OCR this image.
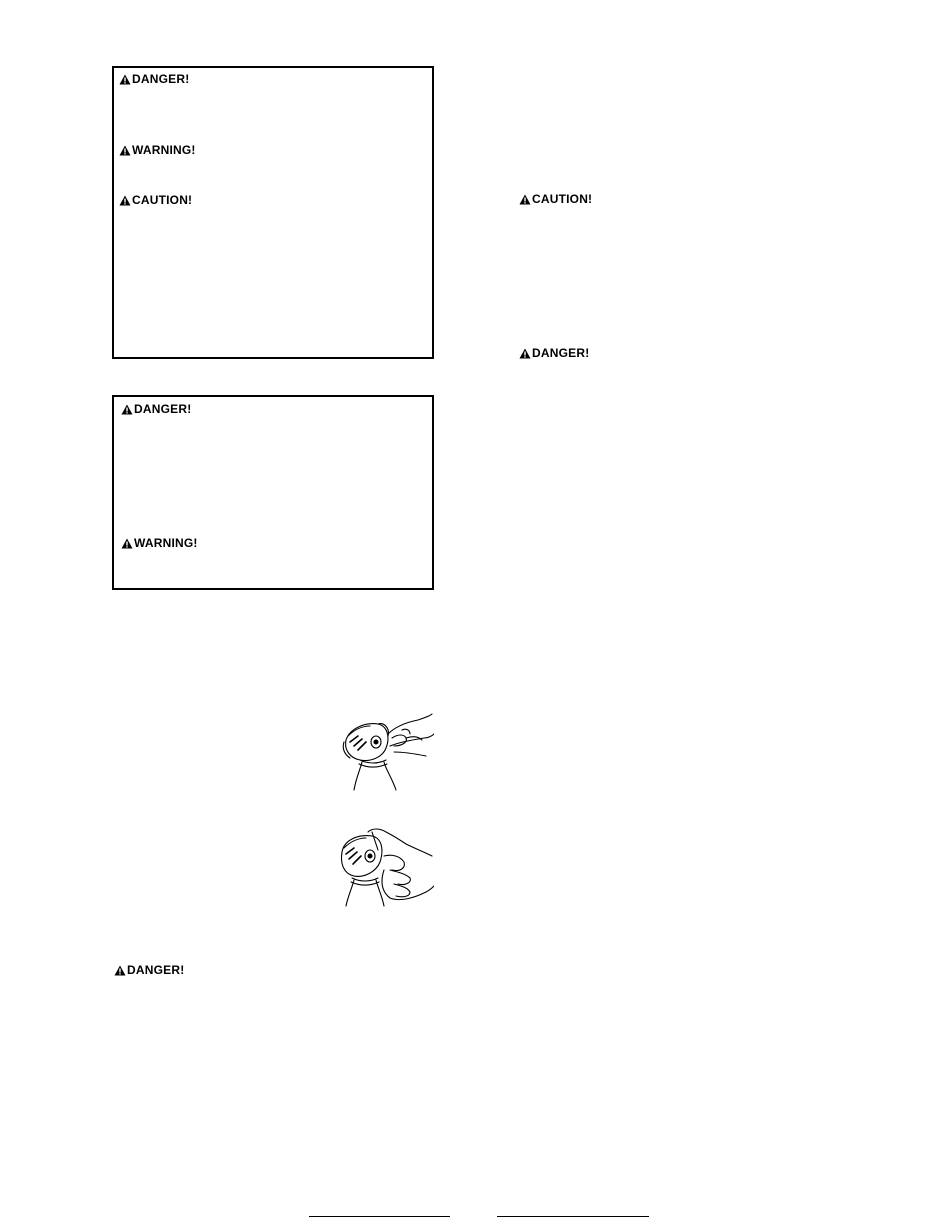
DANGER!
WARNING!
CAUTION!
DANGER!
WARNING!
CAUTION!
DANGER!
DANGER!
